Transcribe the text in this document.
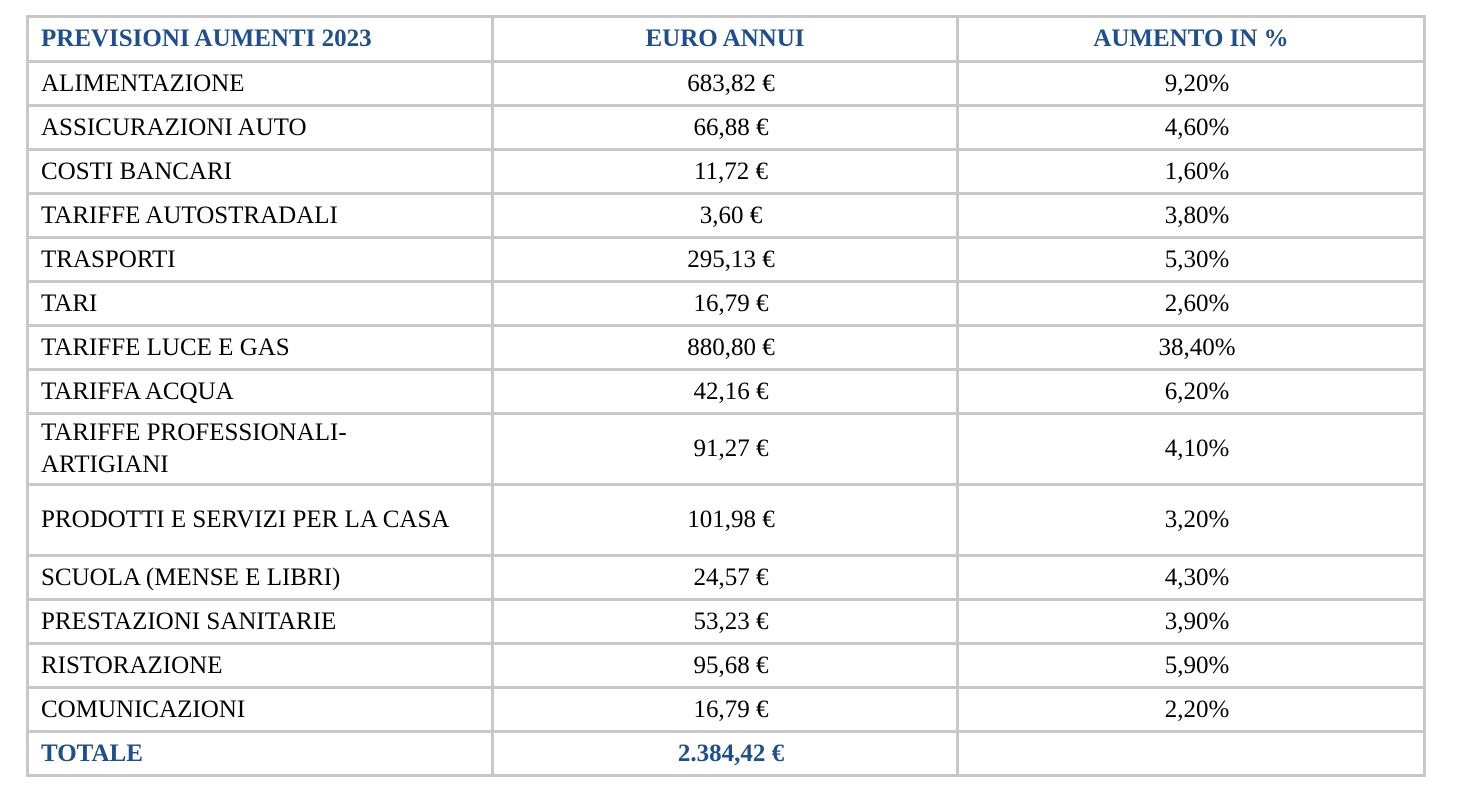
PREVISIONI AUMENTI 2023	EURO ANNUI	AUMENTO IN %
ALIMENTAZIONE	683,82 €	9,20%
ASSICURAZIONI AUTO	66,88 €	4,60%
COSTI BANCARI	11,72 €	1,60%
TARIFFE AUTOSTRADALI	3,60 €	3,80%
TRASPORTI	295,13 €	5,30%
TARI	16,79 €	2,60%
TARIFFE LUCE E GAS	880,80 €	38,40%
TARIFFA ACQUA	42,16 €	6,20%
TARIFFE PROFESSIONALI-ARTIGIANI	91,27 €	4,10%
PRODOTTI E SERVIZI PER LA CASA	101,98 €	3,20%
SCUOLA (MENSE E LIBRI)	24,57 €	4,30%
PRESTAZIONI SANITARIE	53,23 €	3,90%
RISTORAZIONE	95,68 €	5,90%
COMUNICAZIONI	16,79 €	2,20%
TOTALE	2.384,42 €	
